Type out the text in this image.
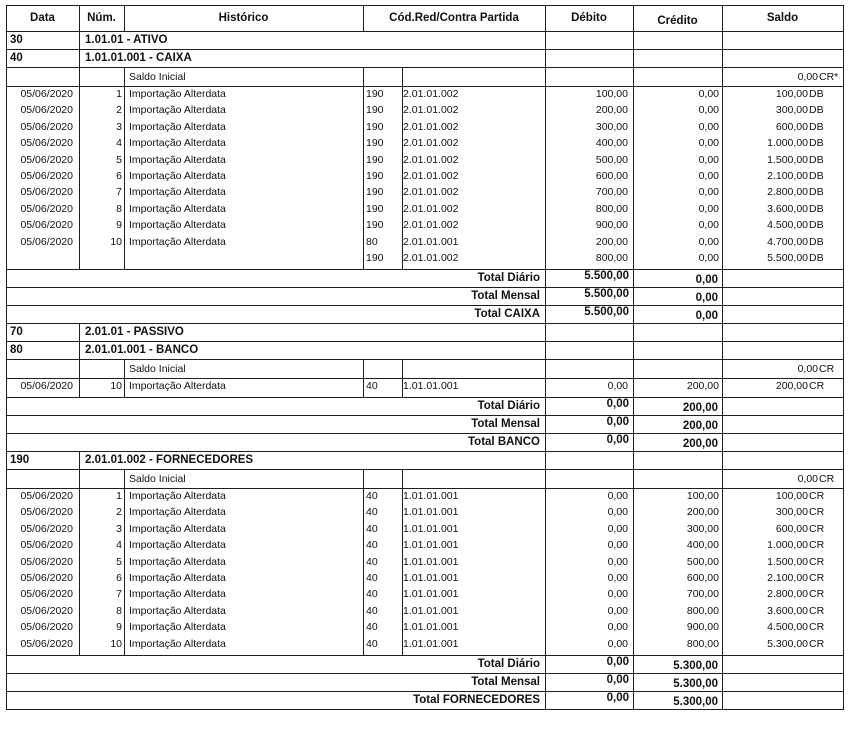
Data	Núm.	Histórico	Cód.Red/Contra Partida	Débito	Crédito	Saldo
30	1.01.01 - ATIVO
40	1.01.01.001 - CAIXA
Saldo Inicial	0,00 CR*
05/06/2020	1 Importação Alterdata	190 2.01.01.002	100,00	0,00	100,00 DB
05/06/2020	2 Importação Alterdata	190 2.01.01.002	200,00	0,00	300,00 DB
05/06/2020	3 Importação Alterdata	190 2.01.01.002	300,00	0,00	600,00 DB
05/06/2020	4 Importação Alterdata	190 2.01.01.002	400,00	0,00	1.000,00 DB
05/06/2020	5 Importação Alterdata	190 2.01.01.002	500,00	0,00	1.500,00 DB
05/06/2020	6 Importação Alterdata	190 2.01.01.002	600,00	0,00	2.100,00 DB
05/06/2020	7 Importação Alterdata	190 2.01.01.002	700,00	0,00	2.800,00 DB
05/06/2020	8 Importação Alterdata	190 2.01.01.002	800,00	0,00	3.600,00 DB
05/06/2020	9 Importação Alterdata	190 2.01.01.002	900,00	0,00	4.500,00 DB
05/06/2020	10 Importação Alterdata	80 2.01.01.001	200,00	0,00	4.700,00 DB
190 2.01.01.002	800,00	0,00	5.500,00 DB
Total Diário	5.500,00	0,00
Total Mensal	5.500,00	0,00
Total CAIXA	5.500,00	0,00
70	2.01.01 - PASSIVO
80	2.01.01.001 - BANCO
Saldo Inicial	0,00 CR
05/06/2020	10 Importação Alterdata	40 1.01.01.001	0,00	200,00	200,00 CR
Total Diário	0,00	200,00
Total Mensal	0,00	200,00
Total BANCO	0,00	200,00
190	2.01.01.002 - FORNECEDORES
Saldo Inicial	0,00 CR
05/06/2020	1 Importação Alterdata	40 1.01.01.001	0,00	100,00	100,00 CR
05/06/2020	2 Importação Alterdata	40 1.01.01.001	0,00	200,00	300,00 CR
05/06/2020	3 Importação Alterdata	40 1.01.01.001	0,00	300,00	600,00 CR
05/06/2020	4 Importação Alterdata	40 1.01.01.001	0,00	400,00	1.000,00 CR
05/06/2020	5 Importação Alterdata	40 1.01.01.001	0,00	500,00	1.500,00 CR
05/06/2020	6 Importação Alterdata	40 1.01.01.001	0,00	600,00	2.100,00 CR
05/06/2020	7 Importação Alterdata	40 1.01.01.001	0,00	700,00	2.800,00 CR
05/06/2020	8 Importação Alterdata	40 1.01.01.001	0,00	800,00	3.600,00 CR
05/06/2020	9 Importação Alterdata	40 1.01.01.001	0,00	900,00	4.500,00 CR
05/06/2020	10 Importação Alterdata	40 1.01.01.001	0,00	800,00	5.300,00 CR
Total Diário	0,00	5.300,00
Total Mensal	0,00	5.300,00
Total FORNECEDORES	0,00	5.300,00
